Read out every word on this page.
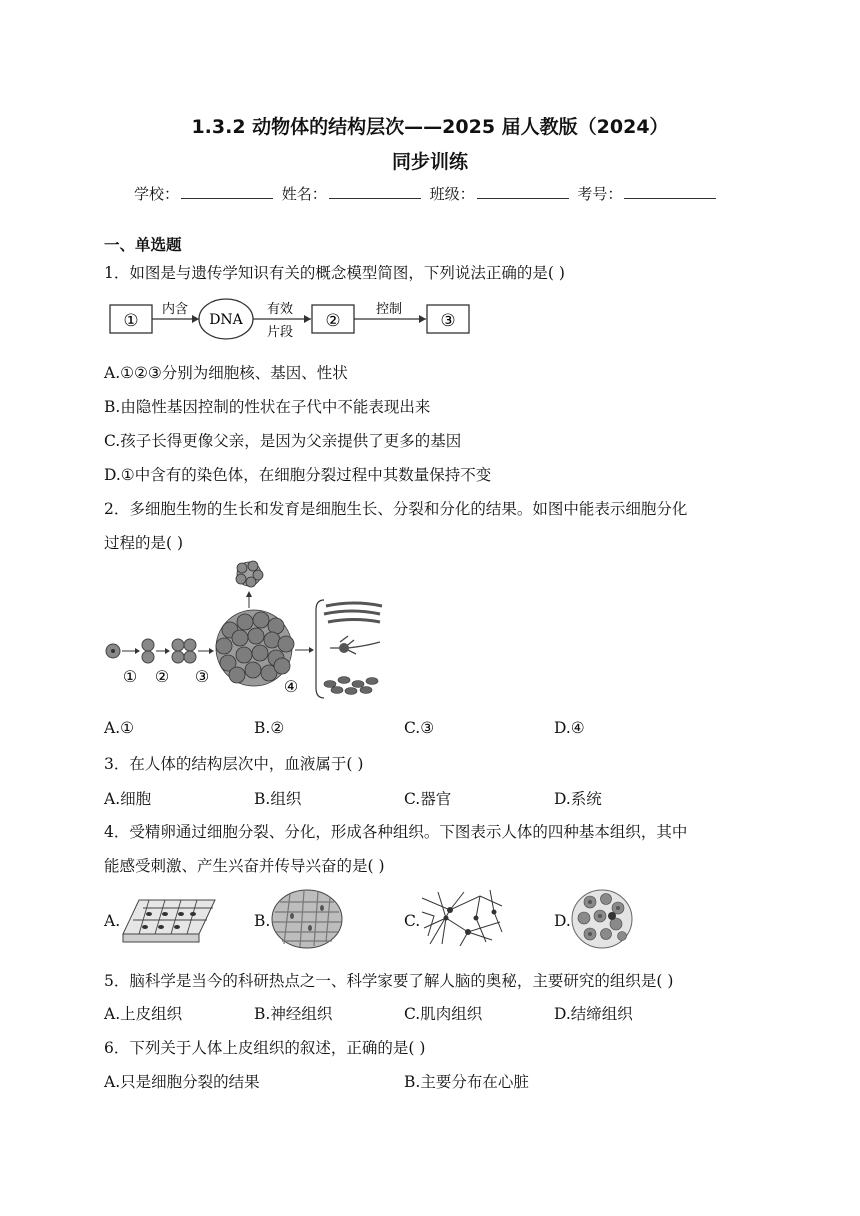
1.3.2 动物体的结构层次——2025 届人教版（2024）
同步训练
学校：	姓名：	班级：	考号：
一、单选题
1．如图是与遗传学知识有关的概念模型简图，下列说法正确的是( )
①
内含
DNA
有效
片段
②
控制
③
A.①②③分别为细胞核、基因、性状
B.由隐性基因控制的性状在子代中不能表现出来
C.孩子长得更像父亲，是因为父亲提供了更多的基因
D.①中含有的染色体，在细胞分裂过程中其数量保持不变
2．多细胞生物的生长和发育是细胞生长、分裂和分化的结果。如图中能表示细胞分化
过程的是( )
① ② ③
④
A.①	B.②	C.③	D.④
3．在人体的结构层次中，血液属于( )
A.细胞	B.组织	C.器官	D.系统
4．受精卵通过细胞分裂、分化，形成各种组织。下图表示人体的四种基本组织，其中
能感受刺激、产生兴奋并传导兴奋的是( )
A.	B.	C.	D.
5．脑科学是当今的科研热点之一、科学家要了解人脑的奥秘，主要研究的组织是( )
A.上皮组织	B.神经组织	C.肌肉组织	D.结缔组织
6．下列关于人体上皮组织的叙述，正确的是( )
A.只是细胞分裂的结果	B.主要分布在心脏
